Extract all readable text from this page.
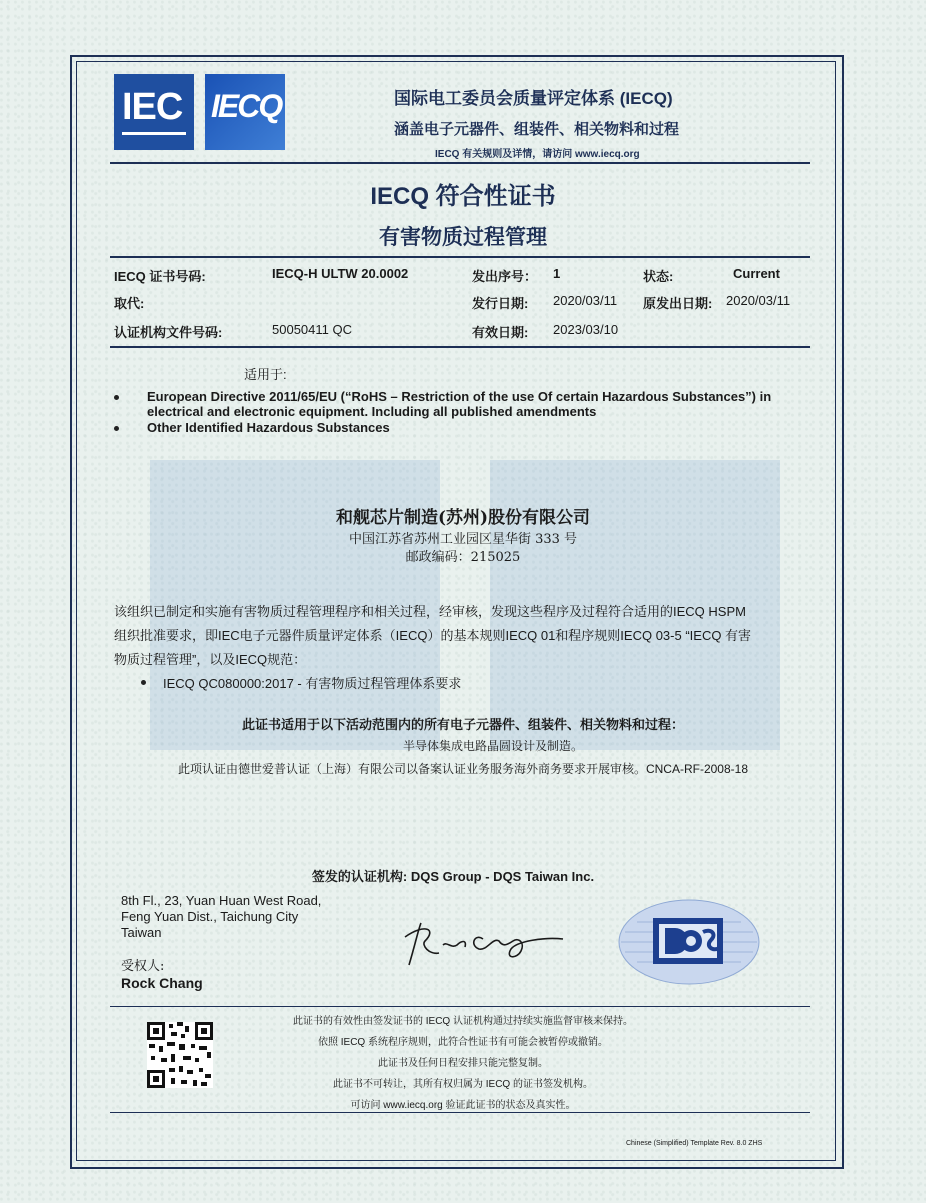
IEC IECQ	国际电工委员会质量评定体系 (IECQ)
涵盖电子元器件、组装件、相关物料和过程
IECQ 有关规则及详情，请访问 www.iecq.org
IECQ 符合性证书
有害物质过程管理
IECQ 证书号码:	IECQ-H ULTW 20.0002	发出序号： 1	状态:	Current
取代:	发行日期: 2020/03/11 原发出日期: 2020/03/11
认证机构文件号码:	50050411 QC	有效日期: 2023/03/10
适用于:
European Directive 2011/65/EU (“RoHS – Restriction of the use Of certain Hazardous Substances”) in
electrical and electronic equipment. Including all published amendments
Other Identified Hazardous Substances
和舰芯片制造(苏州)股份有限公司
中国江苏省苏州工业园区星华街 333 号
邮政编码：215025
该组织已制定和实施有害物质过程管理程序和相关过程，经审核，发现这些程序及过程符合适用的IECQ HSPM
组织批准要求，即IEC电子元器件质量评定体系（IECQ）的基本规则IECQ 01和程序规则IECQ 03-5 “IECQ 有害
物质过程管理”，以及IECQ规范：
IECQ QC080000:2017 - 有害物质过程管理体系要求
此证书适用于以下活动范围内的所有电子元器件、组装件、相关物料和过程：
半导体集成电路晶圆设计及制造。
此项认证由德世爱普认证（上海）有限公司以备案认证业务服务海外商务要求开展审核。CNCA-RF-2008-18
签发的认证机构: DQS Group - DQS Taiwan Inc.
8th Fl., 23, Yuan Huan West Road,
Feng Yuan Dist., Taichung City
Taiwan
受权人:
Rock Chang
此证书的有效性由签发证书的 IECQ 认证机构通过持续实施监督审核来保持。
依照 IECQ 系统程序规则，此符合性证书有可能会被暂停或撤销。
此证书及任何日程安排只能完整复制。
此证书不可转让，其所有权归属为 IECQ 的证书签发机构。
可访问 www.iecq.org 验证此证书的状态及真实性。
Chinese (Simplified) Template Rev. 8.0 ZHS
